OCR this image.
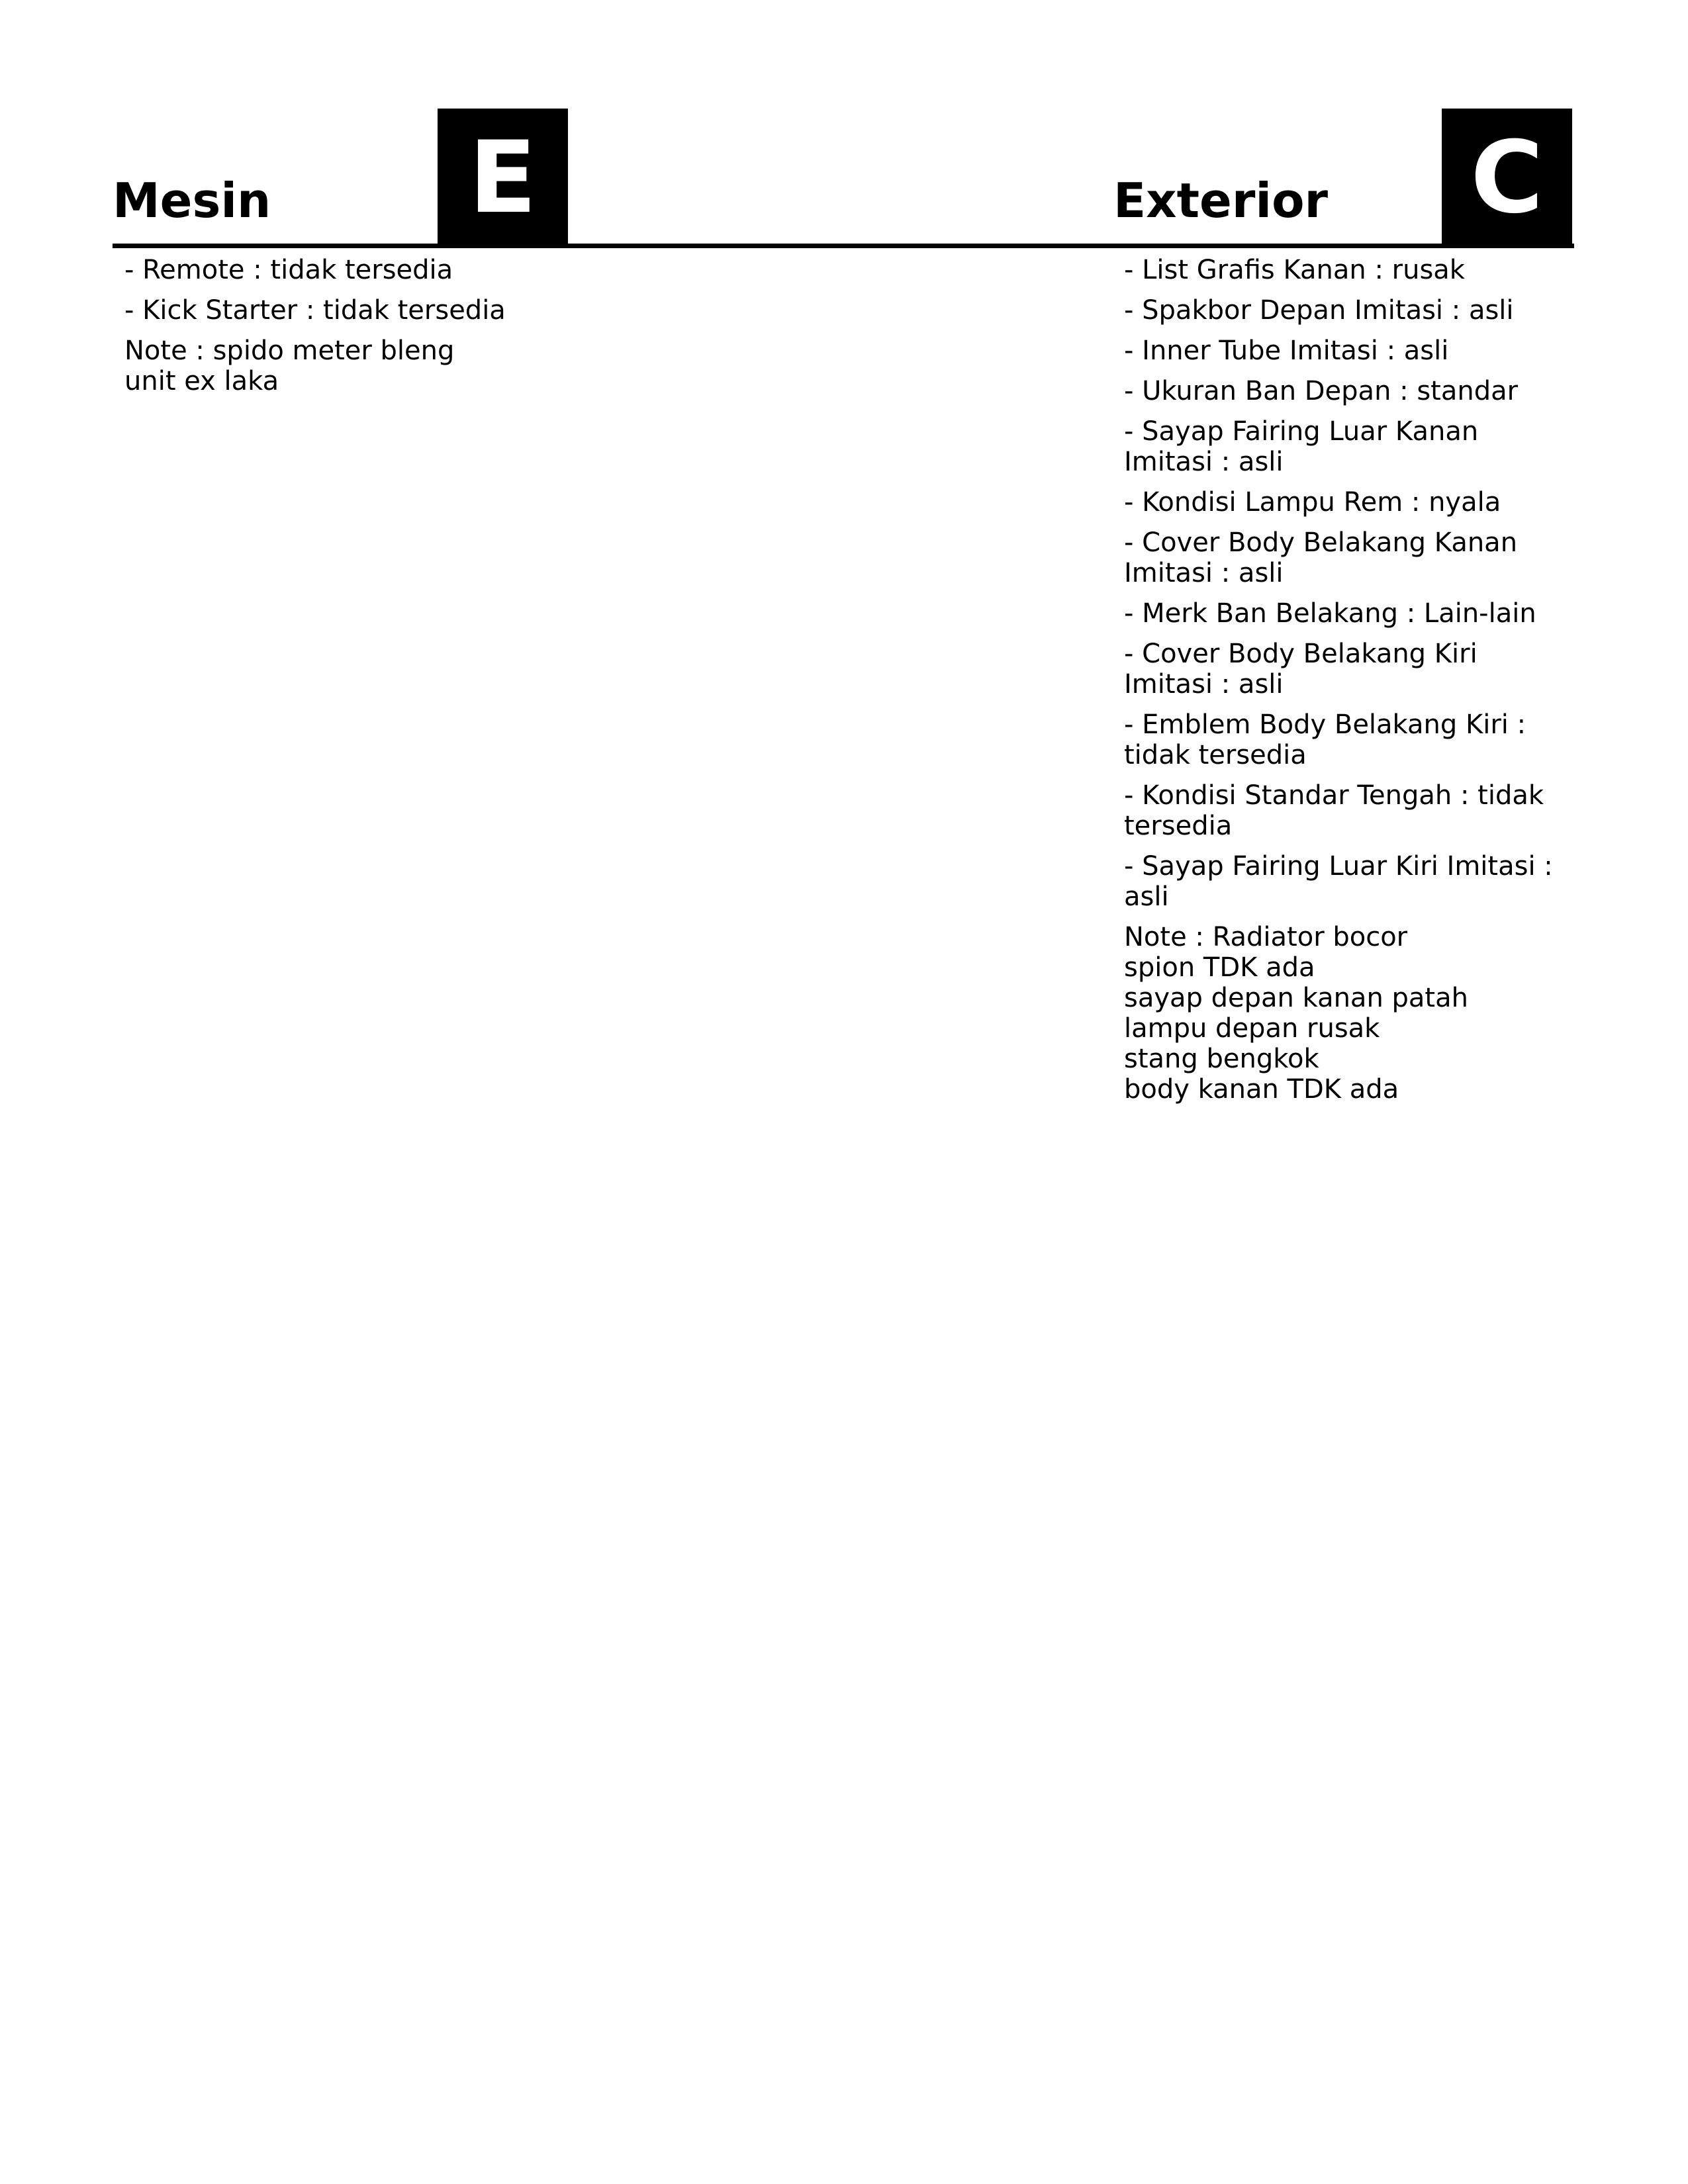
Mesin	E
- Remote : tidak tersedia
- Kick Starter : tidak tersedia
Note : spido meter bleng
unit ex laka
Exterior C
- List Grafis Kanan : rusak
- Spakbor Depan Imitasi : asli
- Inner Tube Imitasi : asli
- Ukuran Ban Depan : standar
- Sayap Fairing Luar Kanan
Imitasi : asli
- Kondisi Lampu Rem : nyala
- Cover Body Belakang Kanan
Imitasi : asli
- Merk Ban Belakang : Lain-lain
- Cover Body Belakang Kiri
Imitasi : asli
- Emblem Body Belakang Kiri :
tidak tersedia
- Kondisi Standar Tengah : tidak
tersedia
- Sayap Fairing Luar Kiri Imitasi :
asli
Note : Radiator bocor
spion TDK ada
sayap depan kanan patah
lampu depan rusak
stang bengkok
body kanan TDK ada
